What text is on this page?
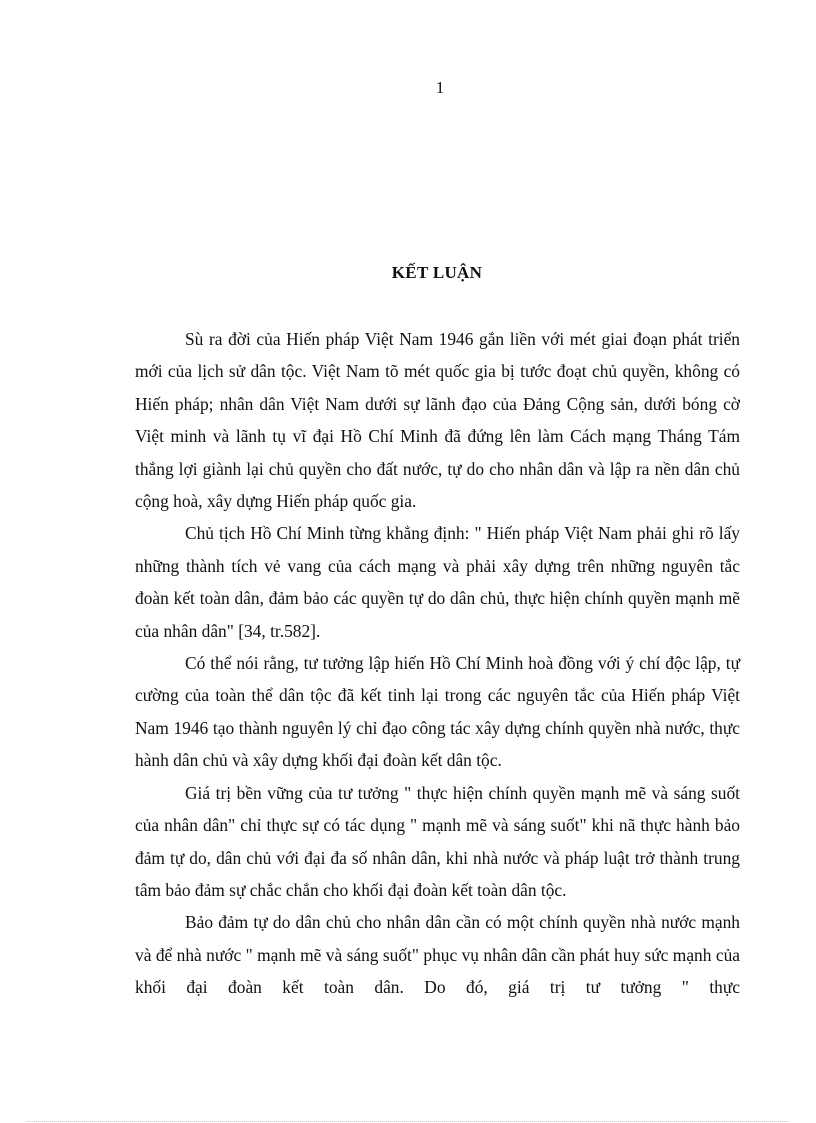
1
KẾT LUẬN

Sù ra đời của Hiến pháp Việt Nam 1946 gắn liền với mét giai đoạn phát triển mới của lịch sử dân tộc. Việt Nam tõ mét quốc gia bị tước đoạt chủ quyền, không có Hiến pháp; nhân dân Việt Nam dưới sự lãnh đạo của Đảng Cộng sản, dưới bóng cờ Việt minh và lãnh tụ vĩ đại Hồ Chí Minh đã đứng lên làm Cách mạng Tháng Tám thắng lợi giành lại chủ quyền cho đất nước, tự do cho nhân dân và lập ra nền dân chủ cộng hoà, xây dựng Hiến pháp quốc gia.

Chủ tịch Hồ Chí Minh từng khẳng định: " Hiến pháp Việt Nam phải ghi rõ lấy những thành tích vẻ vang của cách mạng và phải xây dựng trên những nguyên tắc đoàn kết toàn dân, đảm bảo các quyền tự do dân chủ, thực hiện chính quyền mạnh mẽ của nhân dân" [34, tr.582].

Có thể nói rằng, tư tưởng lập hiến Hồ Chí Minh hoà đồng với ý chí độc lập, tự cường của toàn thể dân tộc đã kết tinh lại trong các nguyên tắc của Hiến pháp Việt Nam 1946 tạo thành nguyên lý chỉ đạo công tác xây dựng chính quyền nhà nước, thực hành dân chủ và xây dựng khối đại đoàn kết dân tộc.

Giá trị bền vững của tư tưởng " thực hiện chính quyền mạnh mẽ và sáng suốt của nhân dân" chỉ thực sự có tác dụng " mạnh mẽ và sáng suốt" khi nã thực hành bảo đảm tự do, dân chủ với đại đa số nhân dân, khi nhà nước và pháp luật trở thành trung tâm bảo đảm sự chắc chắn cho khối đại đoàn kết toàn dân tộc.

Bảo đảm tự do dân chủ cho nhân dân cần có một chính quyền nhà nước mạnh và để nhà nước " mạnh mẽ và sáng suốt" phục vụ nhân dân cần phát huy sức mạnh của khối đại đoàn kết toàn dân. Do đó, giá trị tư tưởng " thực
